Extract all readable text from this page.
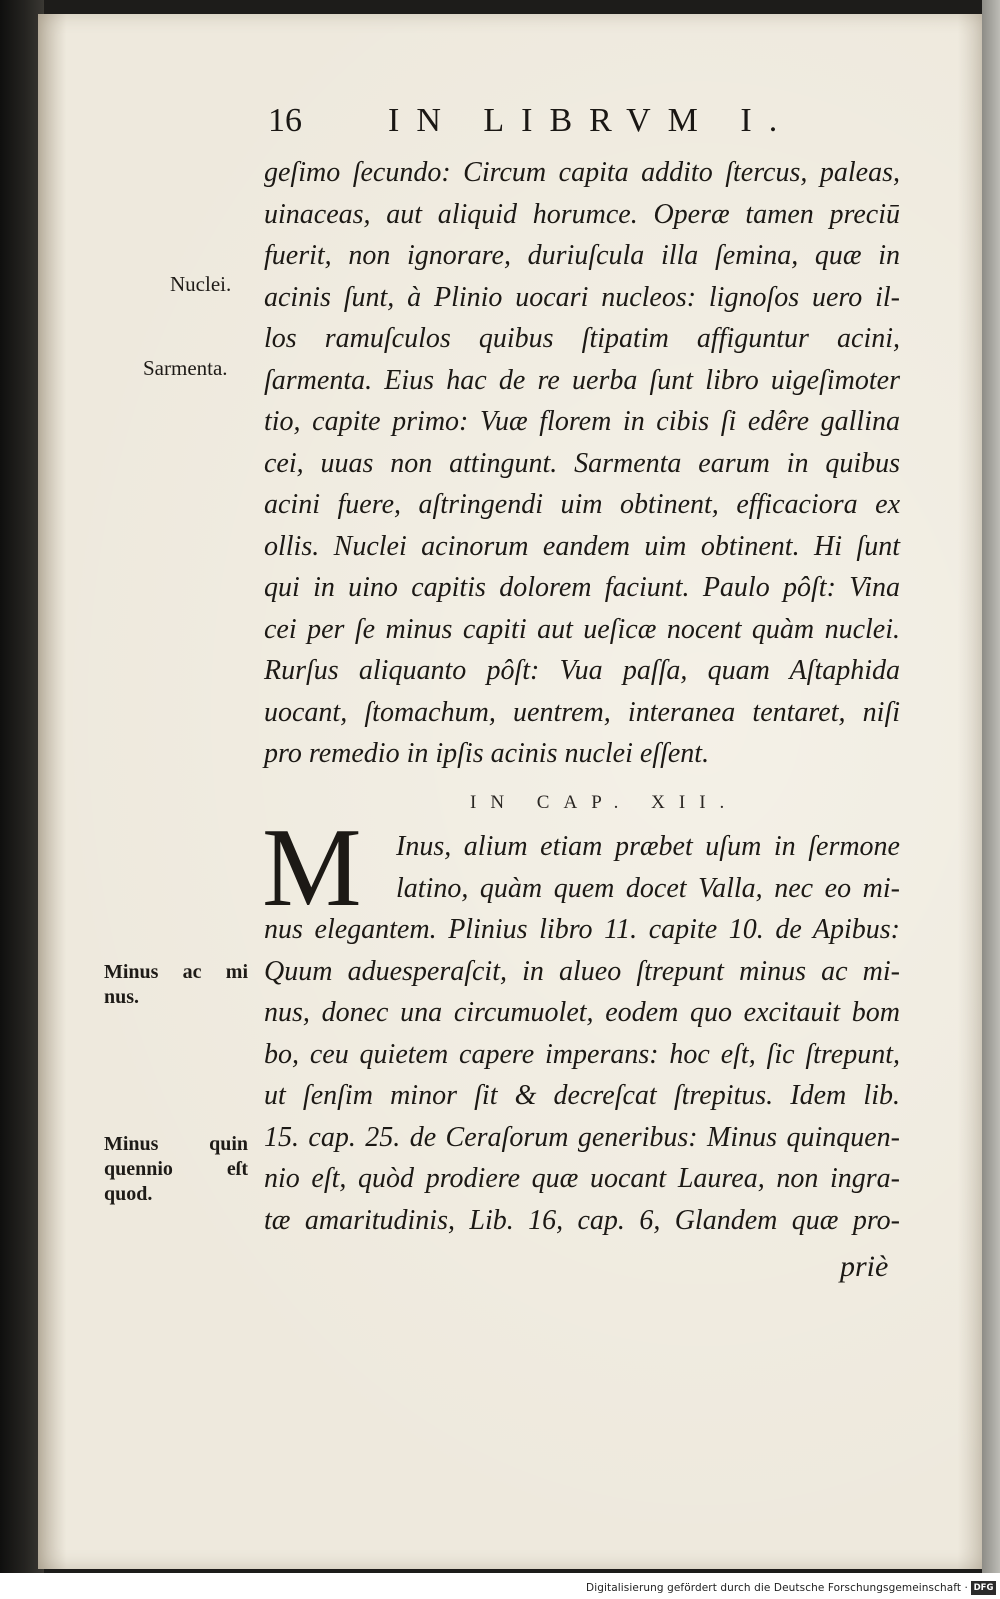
16	IN LIBRVM I.
geſimo ſecundo: Circum capita addito ſtercus, paleas,
uinaceas, aut aliquid horumce. Operæ tamen preciū
fuerit, non ignorare, duriuſcula illa ſemina, quæ in
acinis ſunt, à Plinio uocari nucleos: lignoſos uero il-
los ramuſculos quibus ſtipatim affiguntur acini,
ſarmenta. Eius hac de re uerba ſunt libro uigeſimoter
tio, capite primo: Vuæ florem in cibis ſi edêre gallina
cei, uuas non attingunt. Sarmenta earum in quibus
acini fuere, aſtringendi uim obtinent, efficaciora ex
ollis. Nuclei acinorum eandem uim obtinent. Hi ſunt
qui in uino capitis dolorem faciunt. Paulo pôſt: Vina
cei per ſe minus capiti aut ueſicæ nocent quàm nuclei.
Rurſus aliquanto pôſt: Vua paſſa, quam Aſtaphida
uocant, ſtomachum, uentrem, interanea tentaret, niſi
pro remedio in ipſis acinis nuclei eſſent.
IN CAP. XII.
M	Inus, alium etiam præbet uſum in ſermone
latino, quàm quem docet Valla, nec eo mi-
nus elegantem. Plinius libro 11. capite 10. de Apibus:
Quum aduesperaſcit, in alueo ſtrepunt minus ac mi-
nus, donec una circumuolet, eodem quo excitauit bom
bo, ceu quietem capere imperans: hoc eſt, ſic ſtrepunt,
ut ſenſim minor ſit & decreſcat ſtrepitus. Idem lib.
15. cap. 25. de Ceraſorum generibus: Minus quinquen-
nio eſt, quòd prodiere quæ uocant Laurea, non ingra-
tæ amaritudinis, Lib. 16, cap. 6, Glandem quæ pro-
priè
Nuclei.
Sarmenta.
Minus ac mi
nus.
Minus quin
quennio eſt
quod.
Digitalisierung gefördert durch die Deutsche Forschungsgemeinschaft · DFG
